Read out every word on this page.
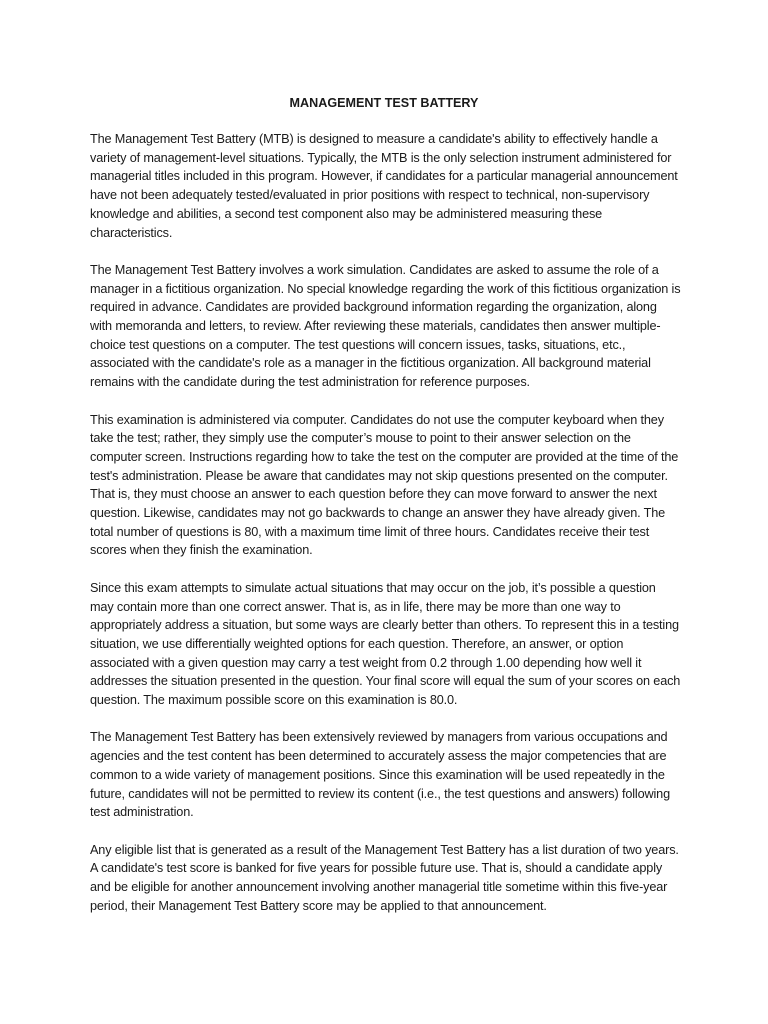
MANAGEMENT TEST BATTERY

The Management Test Battery (MTB) is designed to measure a candidate's ability to effectively handle a variety of management-level situations. Typically, the MTB is the only selection instrument administered for managerial titles included in this program. However, if candidates for a particular managerial announcement have not been adequately tested/evaluated in prior positions with respect to technical, non-supervisory knowledge and abilities, a second test component also may be administered measuring these characteristics.

The Management Test Battery involves a work simulation. Candidates are asked to assume the role of a manager in a fictitious organization. No special knowledge regarding the work of this fictitious organization is required in advance. Candidates are provided background information regarding the organization, along with memoranda and letters, to review. After reviewing these materials, candidates then answer multiple-choice test questions on a computer. The test questions will concern issues, tasks, situations, etc., associated with the candidate's role as a manager in the fictitious organization. All background material remains with the candidate during the test administration for reference purposes.

This examination is administered via computer. Candidates do not use the computer keyboard when they take the test; rather, they simply use the computer’s mouse to point to their answer selection on the computer screen. Instructions regarding how to take the test on the computer are provided at the time of the test's administration. Please be aware that candidates may not skip questions presented on the computer. That is, they must choose an answer to each question before they can move forward to answer the next question. Likewise, candidates may not go backwards to change an answer they have already given. The total number of questions is 80, with a maximum time limit of three hours. Candidates receive their test scores when they finish the examination.

Since this exam attempts to simulate actual situations that may occur on the job, it’s possible a question may contain more than one correct answer. That is, as in life, there may be more than one way to appropriately address a situation, but some ways are clearly better than others. To represent this in a testing situation, we use differentially weighted options for each question. Therefore, an answer, or option associated with a given question may carry a test weight from 0.2 through 1.00 depending how well it addresses the situation presented in the question. Your final score will equal the sum of your scores on each question. The maximum possible score on this examination is 80.0.

The Management Test Battery has been extensively reviewed by managers from various occupations and agencies and the test content has been determined to accurately assess the major competencies that are common to a wide variety of management positions. Since this examination will be used repeatedly in the future, candidates will not be permitted to review its content (i.e., the test questions and answers) following test administration.

Any eligible list that is generated as a result of the Management Test Battery has a list duration of two years. A candidate's test score is banked for five years for possible future use. That is, should a candidate apply and be eligible for another announcement involving another managerial title sometime within this five-year period, their Management Test Battery score may be applied to that announcement.
